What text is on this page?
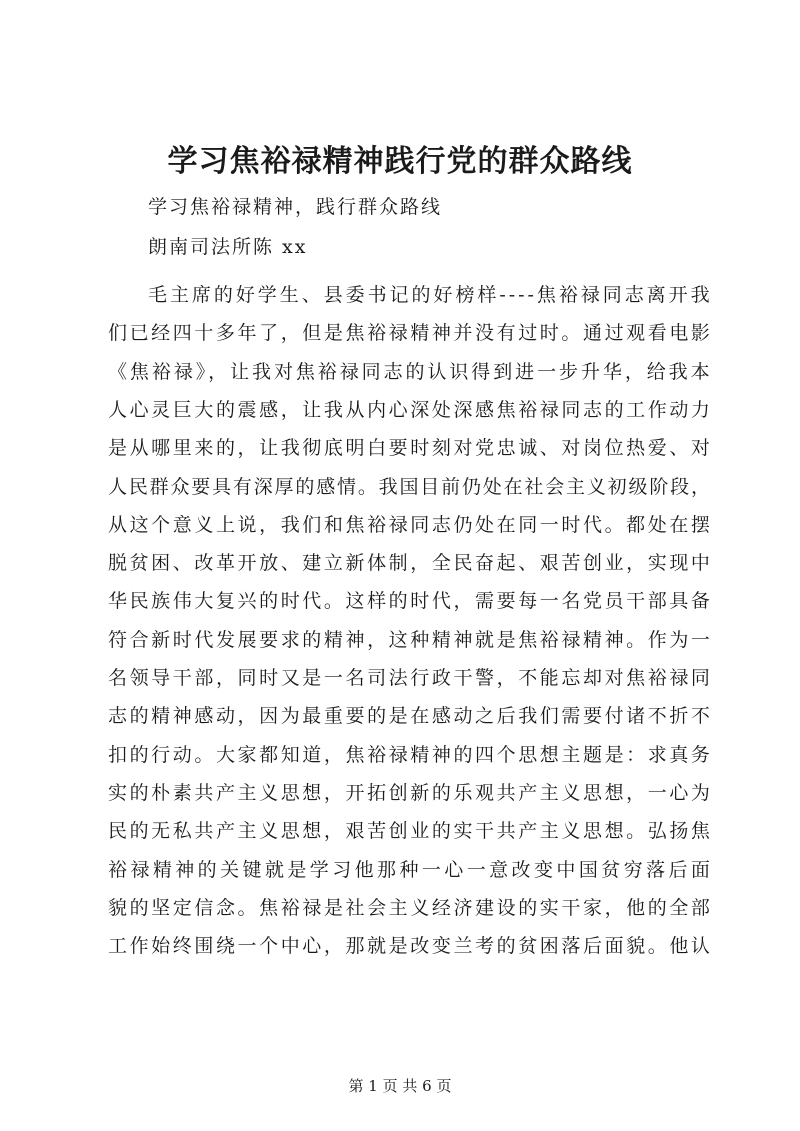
学习焦裕禄精神践行党的群众路线

学习焦裕禄精神，践行群众路线

朗南司法所陈 xx

毛主席的好学生、县委书记的好榜样----焦裕禄同志离开我
们已经四十多年了，但是焦裕禄精神并没有过时。通过观看电影
《焦裕禄》，让我对焦裕禄同志的认识得到进一步升华，给我本
人心灵巨大的震感，让我从内心深处深感焦裕禄同志的工作动力
是从哪里来的，让我彻底明白要时刻对党忠诚、对岗位热爱、对
人民群众要具有深厚的感情。我国目前仍处在社会主义初级阶段，
从这个意义上说，我们和焦裕禄同志仍处在同一时代。都处在摆
脱贫困、改革开放、建立新体制，全民奋起、艰苦创业，实现中
华民族伟大复兴的时代。这样的时代，需要每一名党员干部具备
符合新时代发展要求的精神，这种精神就是焦裕禄精神。作为一
名领导干部，同时又是一名司法行政干警，不能忘却对焦裕禄同
志的精神感动，因为最重要的是在感动之后我们需要付诸不折不
扣的行动。大家都知道，焦裕禄精神的四个思想主题是：求真务
实的朴素共产主义思想，开拓创新的乐观共产主义思想，一心为
民的无私共产主义思想，艰苦创业的实干共产主义思想。弘扬焦
裕禄精神的关键就是学习他那种一心一意改变中国贫穷落后面
貌的坚定信念。焦裕禄是社会主义经济建设的实干家，他的全部
工作始终围绕一个中心，那就是改变兰考的贫困落后面貌。他认

第 1 页 共 6 页
